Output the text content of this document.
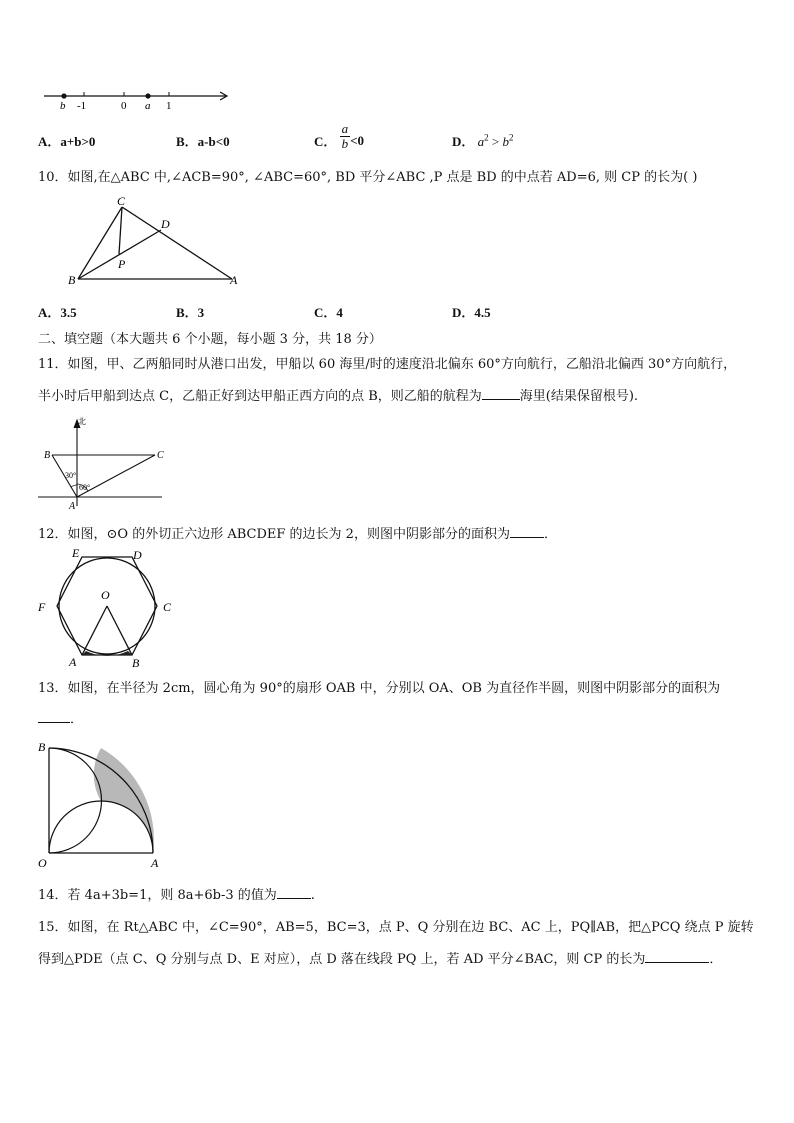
b -1	0 a 1
A．a+b>0	B．a-b<0	C． $\frac{a}{b} <0$	D． $a^2 > b^2$
10．如图,在△ABC 中,∠ACB=90°, ∠ABC=60°, BD 平分∠ABC ,P 点是 BD 的中点若 AD=6, 则 CP 的长为( )
C
D
P
B	A
A．3.5	B．3	C．4	D．4.5
二、填空题（本大题共 6 个小题，每小题 3 分，共 18 分）
11．如图，甲、乙两船同时从港口出发，甲船以 60 海里/时的速度沿北偏东 60°方向航行，乙船沿北偏西 30°方向航行，
半小时后甲船到达点 C，乙船正好到达甲船正西方向的点 B，则乙船的航程为	海里(结果保留根号).
北
B	C
A
30°
60°
12．如图，⊙O 的外切正六边形 ABCDEF 的边长为 2，则图中阴影部分的面积为	．
E	D
F	C
O
A	B
13．如图，在半径为 2cm，圆心角为 90°的扇形 OAB 中，分别以 OA、OB 为直径作半圆，则图中阴影部分的面积为
．
B
O	A
14．若 4a+3b=1，则 8a+6b-3 的值为	.
15．如图，在 Rt△ABC 中，∠C=90°，AB=5，BC=3，点 P、Q 分别在边 BC、AC 上，PQ∥AB，把△PCQ 绕点 P 旋转
得到△PDE（点 C、Q 分别与点 D、E 对应），点 D 落在线段 PQ 上，若 AD 平分∠BAC，则 CP 的长为	．
